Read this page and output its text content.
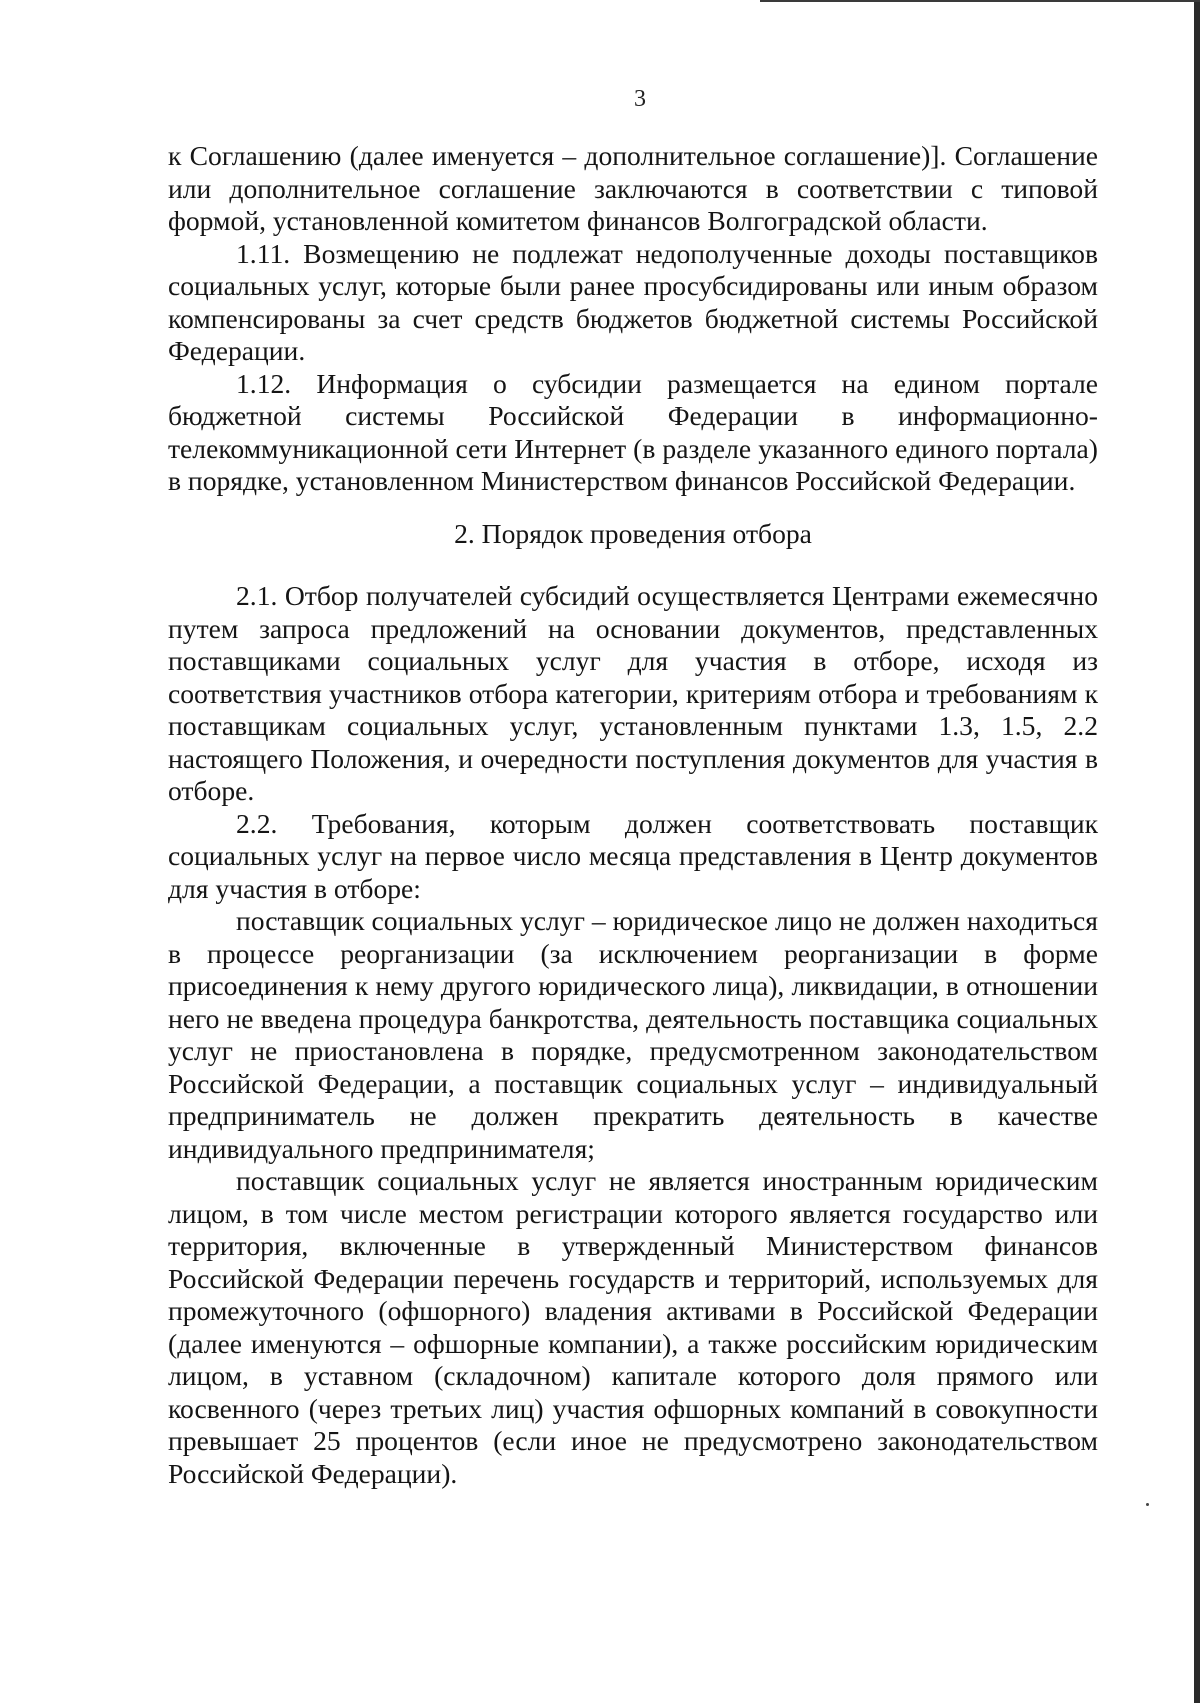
3

к Соглашению (далее именуется – дополнительное соглашение)]. Соглашение или дополнительное соглашение заключаются в соответствии с типовой формой, установленной комитетом финансов Волгоградской области.

1.11. Возмещению не подлежат недополученные доходы поставщиков социальных услуг, которые были ранее просубсидированы или иным образом компенсированы за счет средств бюджетов бюджетной системы Российской Федерации.

1.12. Информация о субсидии размещается на едином портале бюджетной системы Российской Федерации в информационно-телекоммуникационной сети Интернет (в разделе указанного единого портала) в порядке, установленном Министерством финансов Российской Федерации.

2. Порядок проведения отбора

2.1. Отбор получателей субсидий осуществляется Центрами ежемесячно путем запроса предложений на основании документов, представленных поставщиками социальных услуг для участия в отборе, исходя из соответствия участников отбора категории, критериям отбора и требованиям к поставщикам социальных услуг, установленным пунктами 1.3, 1.5, 2.2 настоящего Положения, и очередности поступления документов для участия в отборе.

2.2. Требования, которым должен соответствовать поставщик социальных услуг на первое число месяца представления в Центр документов для участия в отборе:

поставщик социальных услуг – юридическое лицо не должен находиться в процессе реорганизации (за исключением реорганизации в форме присоединения к нему другого юридического лица), ликвидации, в отношении него не введена процедура банкротства, деятельность поставщика социальных услуг не приостановлена в порядке, предусмотренном законодательством Российской Федерации, а поставщик социальных услуг – индивидуальный предприниматель не должен прекратить деятельность в качестве индивидуального предпринимателя;

поставщик социальных услуг не является иностранным юридическим лицом, в том числе местом регистрации которого является государство или территория, включенные в утвержденный Министерством финансов Российской Федерации перечень государств и территорий, используемых для промежуточного (офшорного) владения активами в Российской Федерации (далее именуются – офшорные компании), а также российским юридическим лицом, в уставном (складочном) капитале которого доля прямого или косвенного (через третьих лиц) участия офшорных компаний в совокупности превышает 25 процентов (если иное не предусмотрено законодательством Российской Федерации).
